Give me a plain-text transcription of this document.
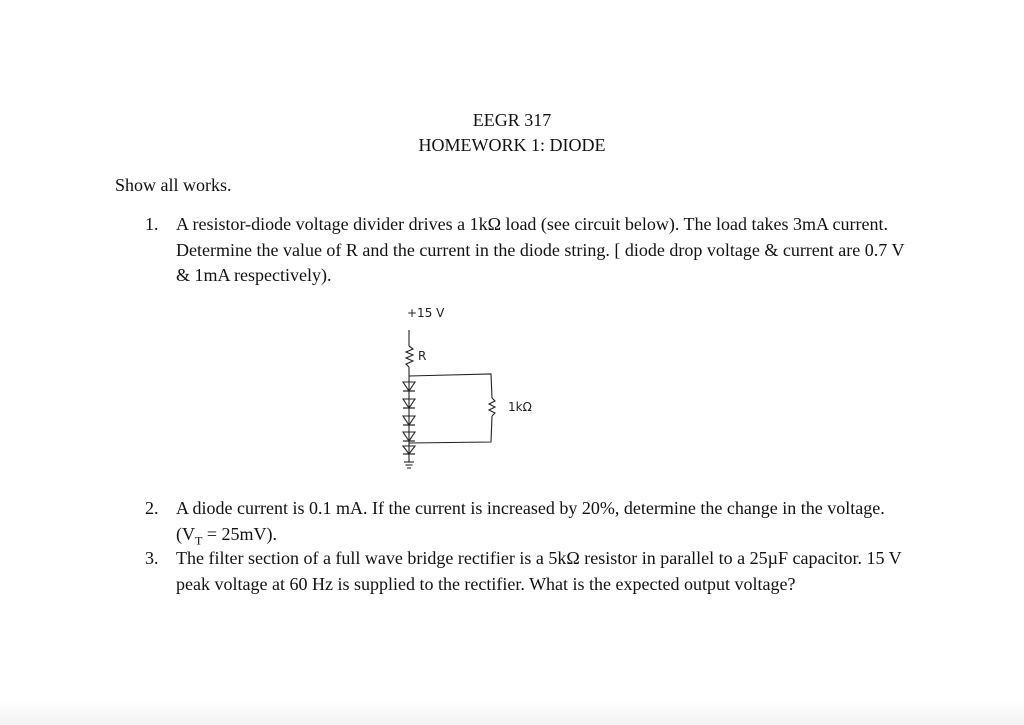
EEGR 317
HOMEWORK 1: DIODE
Show all works.
1. A resistor-diode voltage divider drives a 1kΩ load (see circuit below). The load takes 3mA current. Determine the value of R and the current in the diode string. [ diode drop voltage & current are 0.7 V & 1mA respectively).
+15 V
R
1kΩ
2. A diode current is 0.1 mA. If the current is increased by 20%, determine the change in the voltage. $(V_T = 25mV)$.
3. The filter section of a full wave bridge rectifier is a 5kΩ resistor in parallel to a 25µF capacitor. 15 V peak voltage at 60 Hz is supplied to the rectifier. What is the expected output voltage?
